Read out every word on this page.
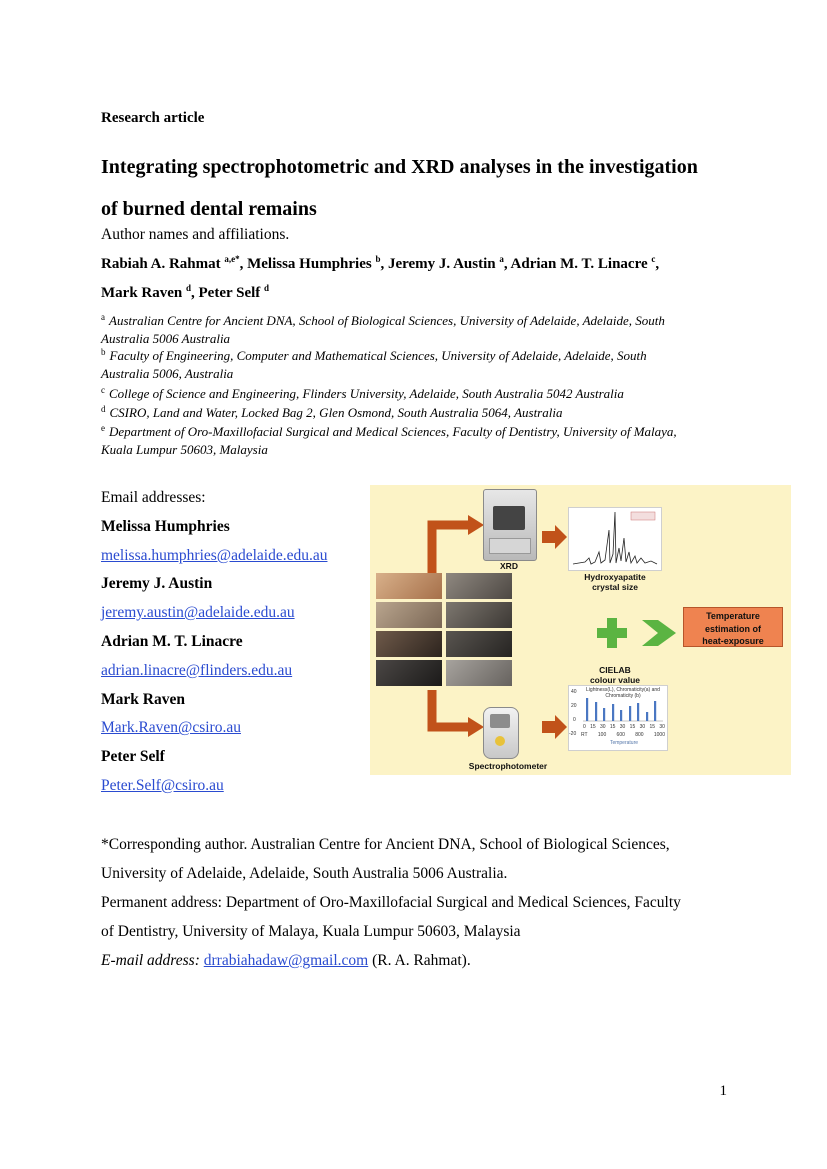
Research article
Integrating spectrophotometric and XRD analyses in the investigation
of burned dental remains
Author names and affiliations.
Rabiah A. Rahmat $^{a,e*}$, Melissa Humphries $^b$, Jeremy J. Austin $^a$, Adrian M. T. Linacre $^c$,
Mark Raven $^d$, Peter Self $^d$
$^a$ Australian Centre for Ancient DNA, School of Biological Sciences, University of Adelaide, Adelaide, South
Australia 5006 Australia
$^b$ Faculty of Engineering, Computer and Mathematical Sciences, University of Adelaide, Adelaide, South
Australia 5006, Australia
$^c$ College of Science and Engineering, Flinders University, Adelaide, South Australia 5042 Australia
$^d$ CSIRO, Land and Water, Locked Bag 2, Glen Osmond, South Australia 5064, Australia
$^e$ Department of Oro-Maxillofacial Surgical and Medical Sciences, Faculty of Dentistry, University of Malaya,
Kuala Lumpur 50603, Malaysia
Email addresses:
Melissa Humphries
melissa.humphries@adelaide.edu.au
Jeremy J. Austin
jeremy.austin@adelaide.edu.au
Adrian M. T. Linacre
adrian.linacre@flinders.edu.au
Mark Raven
Mark.Raven@csiro.au
Peter Self
Peter.Self@csiro.au
XRD
Hydroxyapatite
crystal size
Temperature
estimation of
heat-exposure
CIELAB
colour value
Spectrophotometer
Lightness(L), Chromaticity(a) and
Chromaticity (b)
40
20
0
-20
0 15 30 15 30 15 30 15 30
RT 100 600 800 1000
Temperature
*Corresponding author. Australian Centre for Ancient DNA, School of Biological Sciences,
University of Adelaide, Adelaide, South Australia 5006 Australia.
Permanent address: Department of Oro-Maxillofacial Surgical and Medical Sciences, Faculty
of Dentistry, University of Malaya, Kuala Lumpur 50603, Malaysia
E-mail address: drrabiahadaw@gmail.com (R. A. Rahmat).
1
